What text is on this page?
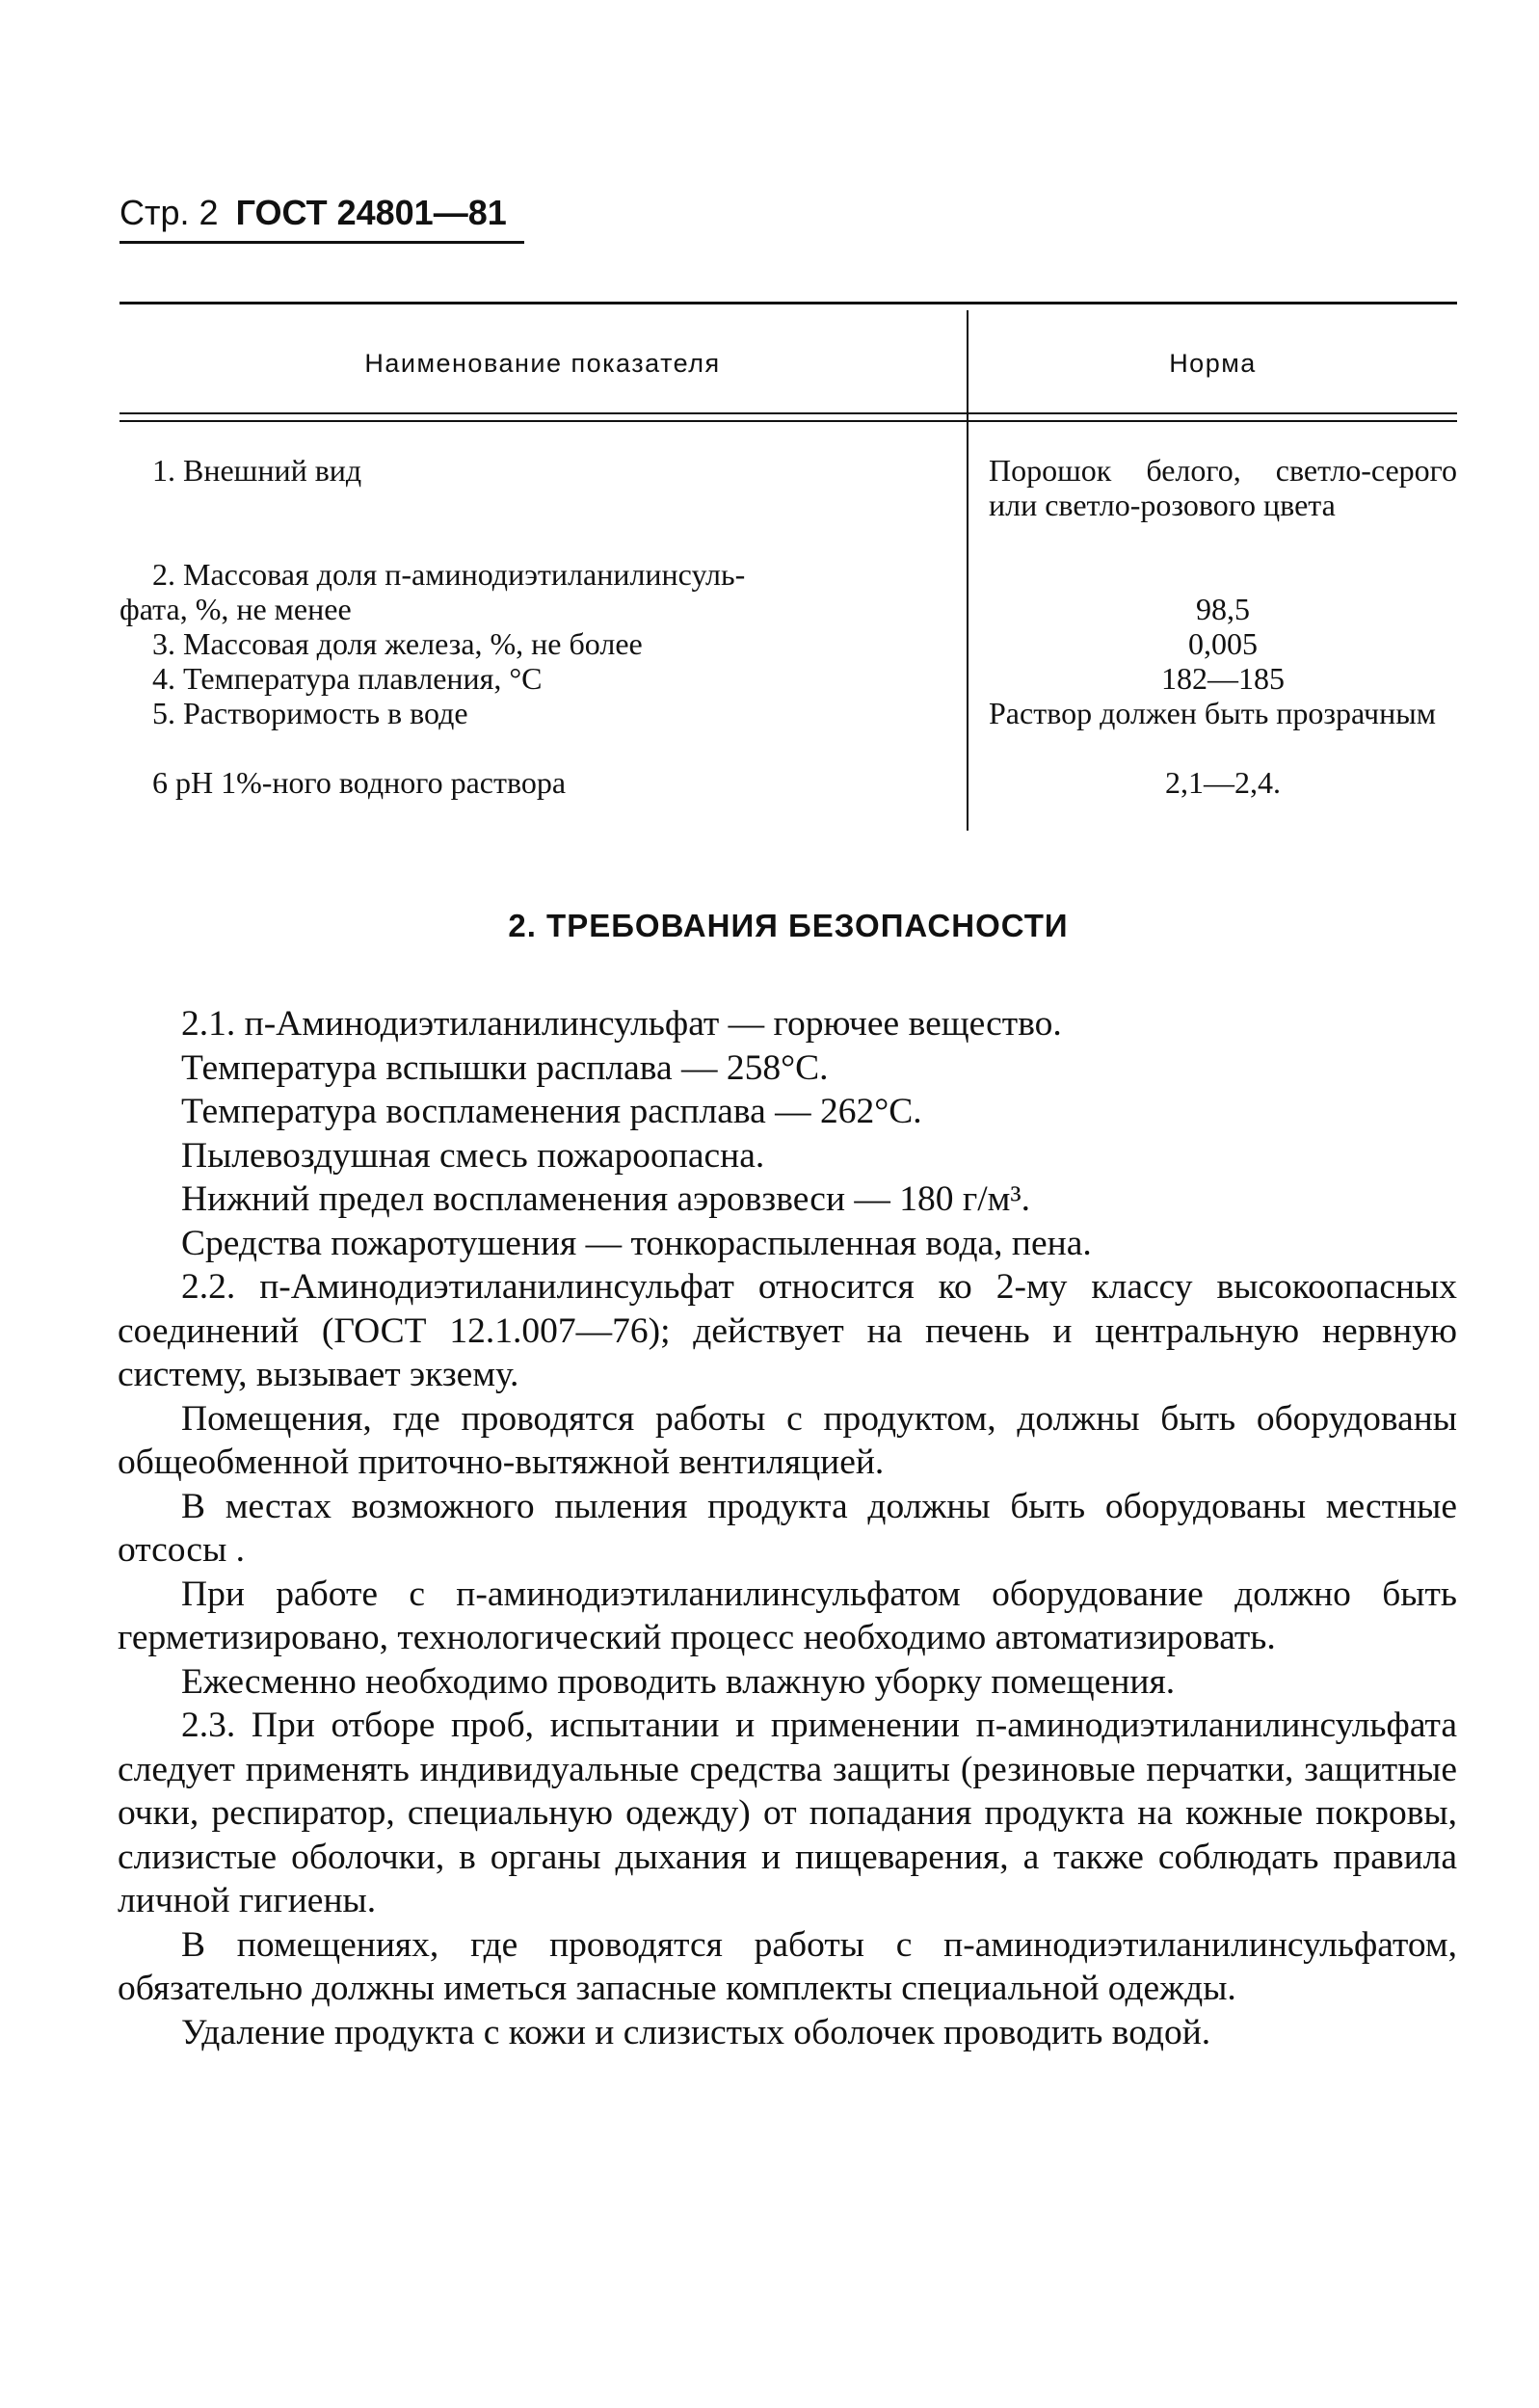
Стр. 2 ГОСТ 24801—81
Наименование показателя	Норма
1. Внешний вид	Порошок белого, светло-серого или светло-розового цвета
2. Массовая доля п-аминодиэтиланилинсуль-
фата, %, не менее	98,5
3. Массовая доля железа, %, не более	0,005
4. Температура плавления, °С	182—185
5. Растворимость в воде	Раствор должен быть прозрачным
6 рН 1%-ного водного раствора	2,1—2,4.
2. ТРЕБОВАНИЯ БЕЗОПАСНОСТИ

2.1. п-Аминодиэтиланилинсульфат — горючее вещество.

Температура вспышки расплава — 258°С.

Температура воспламенения расплава — 262°С.

Пылевоздушная смесь пожароопасна.

Нижний предел воспламенения аэровзвеси — 180 г/м³.

Средства пожаротушения — тонкораспыленная вода, пена.

2.2. п-Аминодиэтиланилинсульфат относится ко 2-му классу высокоопасных соединений (ГОСТ 12.1.007—76); действует на печень и центральную нервную систему, вызывает экзему.

Помещения, где проводятся работы с продуктом, должны быть оборудованы общеобменной приточно-вытяжной вентиляцией.

В местах возможного пыления продукта должны быть оборудованы местные отсосы .

При работе с п-аминодиэтиланилинсульфатом оборудование должно быть герметизировано, технологический процесс необходимо автоматизировать.

Ежесменно необходимо проводить влажную уборку помещения.

2.3. При отборе проб, испытании и применении п-аминодиэтиланилинсульфата следует применять индивидуальные средства защиты (резиновые перчатки, защитные очки, респиратор, специальную одежду) от попадания продукта на кожные покровы, слизистые оболочки, в органы дыхания и пищеварения, а также соблюдать правила личной гигиены.

В помещениях, где проводятся работы с п-аминодиэтиланилинсульфатом, обязательно должны иметься запасные комплекты специальной одежды.

Удаление продукта с кожи и слизистых оболочек проводить водой.
